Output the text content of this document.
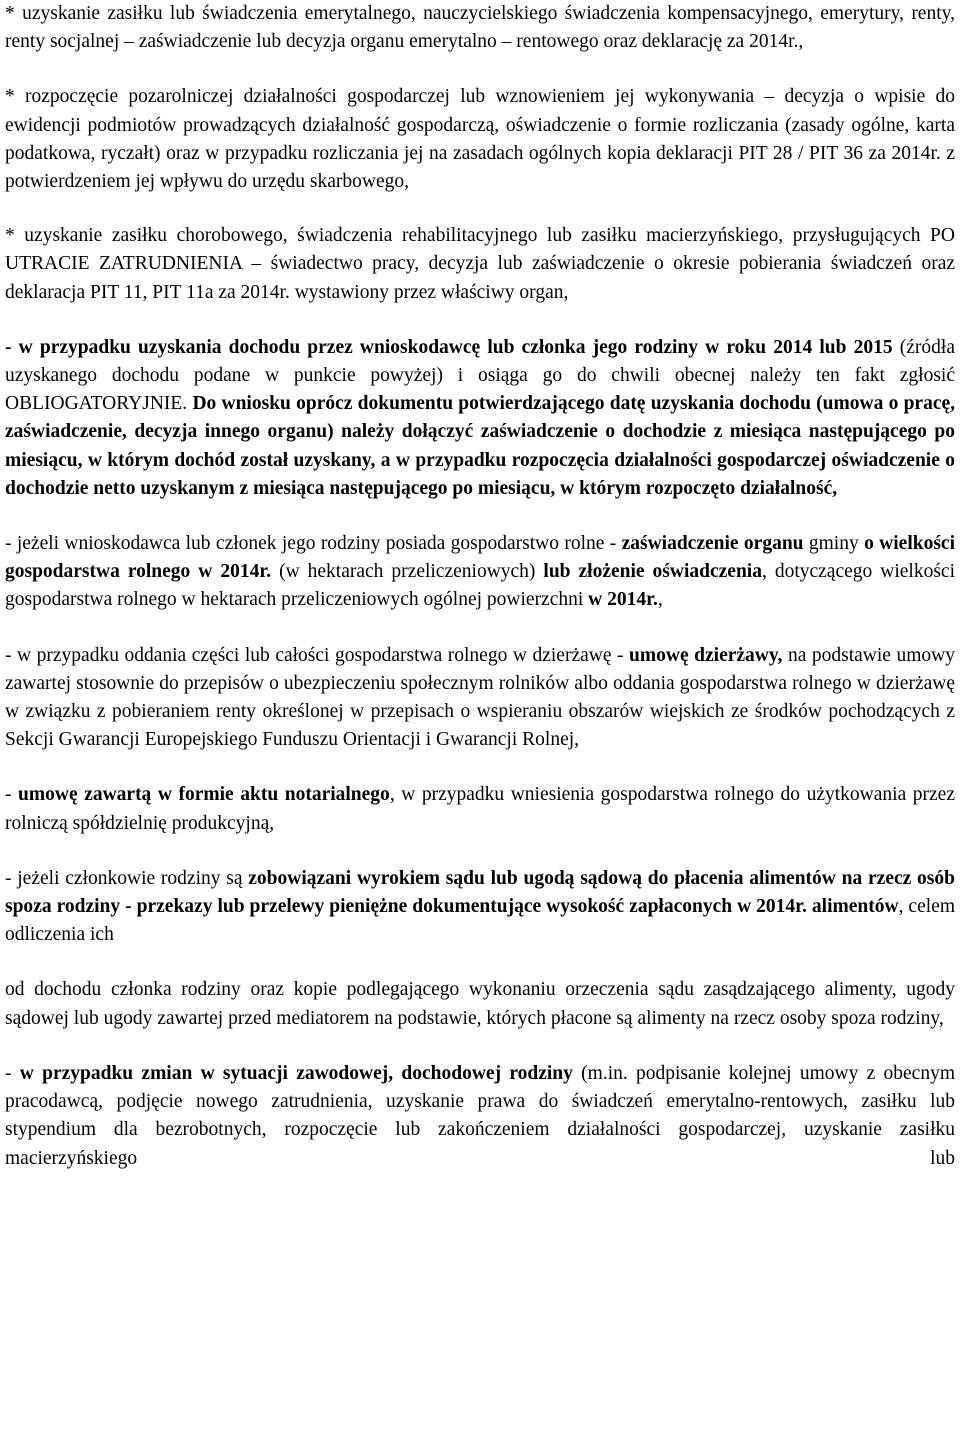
* uzyskanie zasiłku lub świadczenia emerytalnego, nauczycielskiego świadczenia kompensacyjnego, emerytury, renty, renty socjalnej – zaświadczenie lub decyzja organu emerytalno – rentowego oraz deklarację za 2014r.,

* rozpoczęcie pozarolniczej działalności gospodarczej lub wznowieniem jej wykonywania – decyzja o wpisie do ewidencji podmiotów prowadzących działalność gospodarczą, oświadczenie o formie rozliczania (zasady ogólne, karta podatkowa, ryczałt) oraz w przypadku rozliczania jej na zasadach ogólnych kopia deklaracji PIT 28 / PIT 36 za 2014r. z potwierdzeniem jej wpływu do urzędu skarbowego,

* uzyskanie zasiłku chorobowego, świadczenia rehabilitacyjnego lub zasiłku macierzyńskiego, przysługujących PO UTRACIE ZATRUDNIENIA – świadectwo pracy, decyzja lub zaświadczenie o okresie pobierania świadczeń oraz deklaracja PIT 11, PIT 11a za 2014r. wystawiony przez właściwy organ,

- w przypadku uzyskania dochodu przez wnioskodawcę lub członka jego rodziny w roku 2014 lub 2015 (źródła uzyskanego dochodu podane w punkcie powyżej) i osiąga go do chwili obecnej należy ten fakt zgłosić OBLIOGATORYJNIE. Do wniosku oprócz dokumentu potwierdzającego datę uzyskania dochodu (umowa o pracę, zaświadczenie, decyzja innego organu) należy dołączyć zaświadczenie o dochodzie z miesiąca następującego po miesiącu, w którym dochód został uzyskany, a w przypadku rozpoczęcia działalności gospodarczej oświadczenie o dochodzie netto uzyskanym z miesiąca następującego po miesiącu, w którym rozpoczęto działalność,

- jeżeli wnioskodawca lub członek jego rodziny posiada gospodarstwo rolne - zaświadczenie organu gminy o wielkości gospodarstwa rolnego w 2014r. (w hektarach przeliczeniowych) lub złożenie oświadczenia, dotyczącego wielkości gospodarstwa rolnego w hektarach przeliczeniowych ogólnej powierzchni w 2014r.,

- w przypadku oddania części lub całości gospodarstwa rolnego w dzierżawę - umowę dzierżawy, na podstawie umowy zawartej stosownie do przepisów o ubezpieczeniu społecznym rolników albo oddania gospodarstwa rolnego w dzierżawę w związku z pobieraniem renty określonej w przepisach o wspieraniu obszarów wiejskich ze środków pochodzących z Sekcji Gwarancji Europejskiego Funduszu Orientacji i Gwarancji Rolnej,

- umowę zawartą w formie aktu notarialnego, w przypadku wniesienia gospodarstwa rolnego do użytkowania przez rolniczą spółdzielnię produkcyjną,

- jeżeli członkowie rodziny są zobowiązani wyrokiem sądu lub ugodą sądową do płacenia alimentów na rzecz osób spoza rodziny - przekazy lub przelewy pieniężne dokumentujące wysokość zapłaconych w 2014r. alimentów, celem odliczenia ich

od dochodu członka rodziny oraz kopie podlegającego wykonaniu orzeczenia sądu zasądzającego alimenty, ugody sądowej lub ugody zawartej przed mediatorem na podstawie, których płacone są alimenty na rzecz osoby spoza rodziny,

- w przypadku zmian w sytuacji zawodowej, dochodowej rodziny (m.in. podpisanie kolejnej umowy z obecnym pracodawcą, podjęcie nowego zatrudnienia, uzyskanie prawa do świadczeń emerytalno-rentowych, zasiłku lub stypendium dla bezrobotnych, rozpoczęcie lub zakończeniem działalności gospodarczej, uzyskanie zasiłku macierzyńskiego lub
